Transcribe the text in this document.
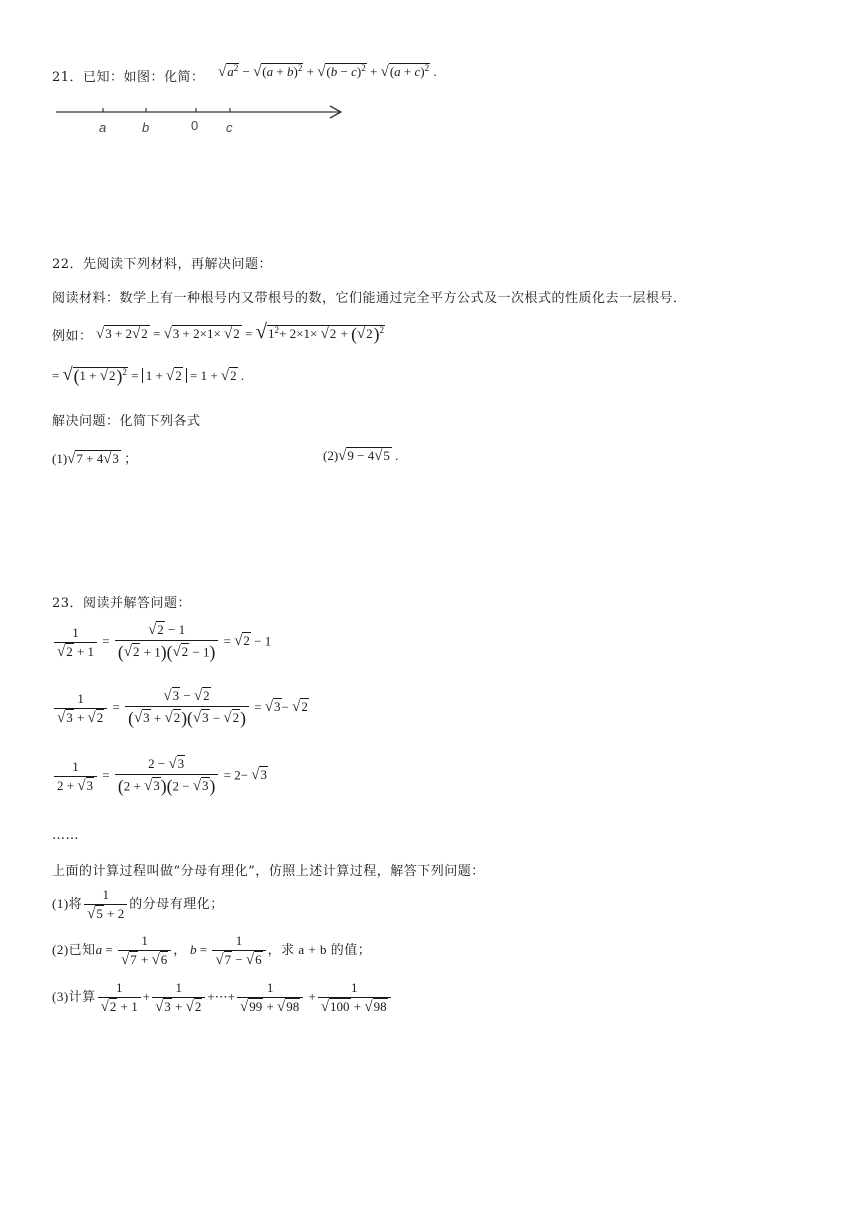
21．已知：如图：化简： $√a^2 - √(a + b)^2 + √(b - c)^2 + √(a + c)^2$ .
a	b	0 c
22．先阅读下列材料，再解决问题：
阅读材料：数学上有一种根号内又带根号的数，它们能通过完全平方公式及一次根式的性质化去一层根号．
例如： $√3 + 2√2 = √3 + 2\times 1\times √2 = √1^2+ 2\times 1\times √2 + (√2)^2$
= $√(1 + √2)^2 = 1 + √2 = 1 + √2$ .
解决问题：化简下列各式
(1)√7 + 4√3 ；	(2)√9 − 4√5 .
23．阅读并解答问题：
$\frac{1}{√2 + 1} = \frac{√2 - 1}{(√2 + 1)(√2 - 1)} = √2 - 1$
$\frac{1}{√3 + √2} = \frac{√3 - √2}{(√3 + √2)(√3 - √2)} = √3- √2$
$\frac{1}{2 + √3} = \frac{2 - √3}{(2 + √3)(2 - √3)} = 2- √3$
……
上面的计算过程叫做“分母有理化”，仿照上述计算过程，解答下列问题：
(1)将 $\frac{1}{√5 + 2}$ 的分母有理化；
(2)已知$a = \frac{1}{√7 + √6}$ ， $b = \frac{1}{√7 - √6}$ ，求 a + b 的值；
(3)计算 $\frac{1}{√2 + 1} + \frac{1}{√3 + √2}$ +⋯+ $\frac{1}{√99 + √98} + \frac{1}{√100 + √98}$
